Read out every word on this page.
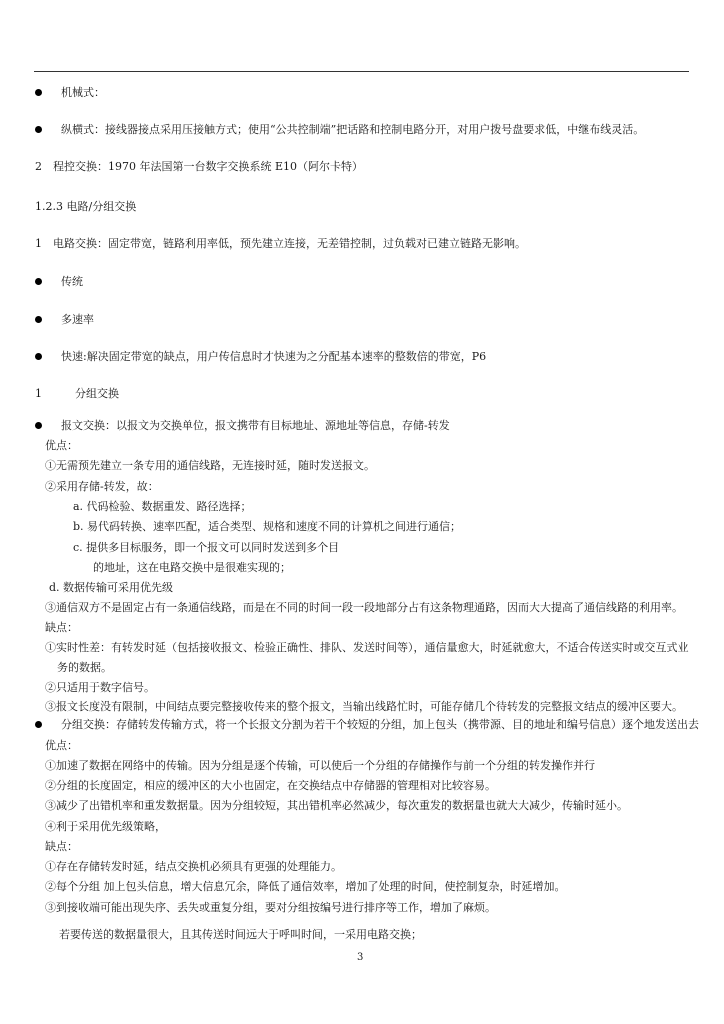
机械式：
纵横式：接线器接点采用压接触方式；使用“公共控制端”把话路和控制电路分开，对用户拨号盘要求低，中继布线灵活。
2　程控交换：1970 年法国第一台数字交换系统 E10（阿尔卡特）
1.2.3 电路/分组交换
1　电路交换：固定带宽，链路利用率低，预先建立连接，无差错控制，过负载对已建立链路无影响。
传统
多速率
快速:解决固定带宽的缺点，用户传信息时才快速为之分配基本速率的整数倍的带宽，P6
1　　　分组交换
报文交换：以报文为交换单位，报文携带有目标地址、源地址等信息，存储-转发
优点：
①无需预先建立一条专用的通信线路，无连接时延，随时发送报文。
②采用存储-转发，故：
a. 代码检验、数据重发、路径选择；
b. 易代码转换、速率匹配，适合类型、规格和速度不同的计算机之间进行通信；
c. 提供多目标服务，即一个报文可以同时发送到多个目
的地址，这在电路交换中是很难实现的；
d. 数据传输可采用优先级
③通信双方不是固定占有一条通信线路，而是在不同的时间一段一段地部分占有这条物理通路，因而大大提高了通信线路的利用率。
缺点：
①实时性差：有转发时延（包括接收报文、检验正确性、排队、发送时间等），通信量愈大，时延就愈大，不适合传送实时或交互式业
务的数据。
②只适用于数字信号。
③报文长度没有限制，中间结点要完整接收传来的整个报文，当输出线路忙时，可能存储几个待转发的完整报文结点的缓冲区要大。
分组交换：存储转发传输方式，将一个长报文分割为若干个较短的分组，加上包头（携带源、目的地址和编号信息）逐个地发送出去
优点：
①加速了数据在网络中的传输。因为分组是逐个传输，可以使后一个分组的存储操作与前一个分组的转发操作并行
②分组的长度固定，相应的缓冲区的大小也固定，在交换结点中存储器的管理相对比较容易。
③减少了出错机率和重发数据量。因为分组较短，其出错机率必然减少，每次重发的数据量也就大大减少，传输时延小。
④利于采用优先级策略，
缺点：
①存在存储转发时延，结点交换机必须具有更强的处理能力。
②每个分组 加上包头信息，增大信息冗余，降低了通信效率，增加了处理的时间，使控制复杂，时延增加。
③到接收端可能出现失序、丢失或重复分组，要对分组按编号进行排序等工作，增加了麻烦。
若要传送的数据量很大，且其传送时间远大于呼叫时间，一采用电路交换；
3
